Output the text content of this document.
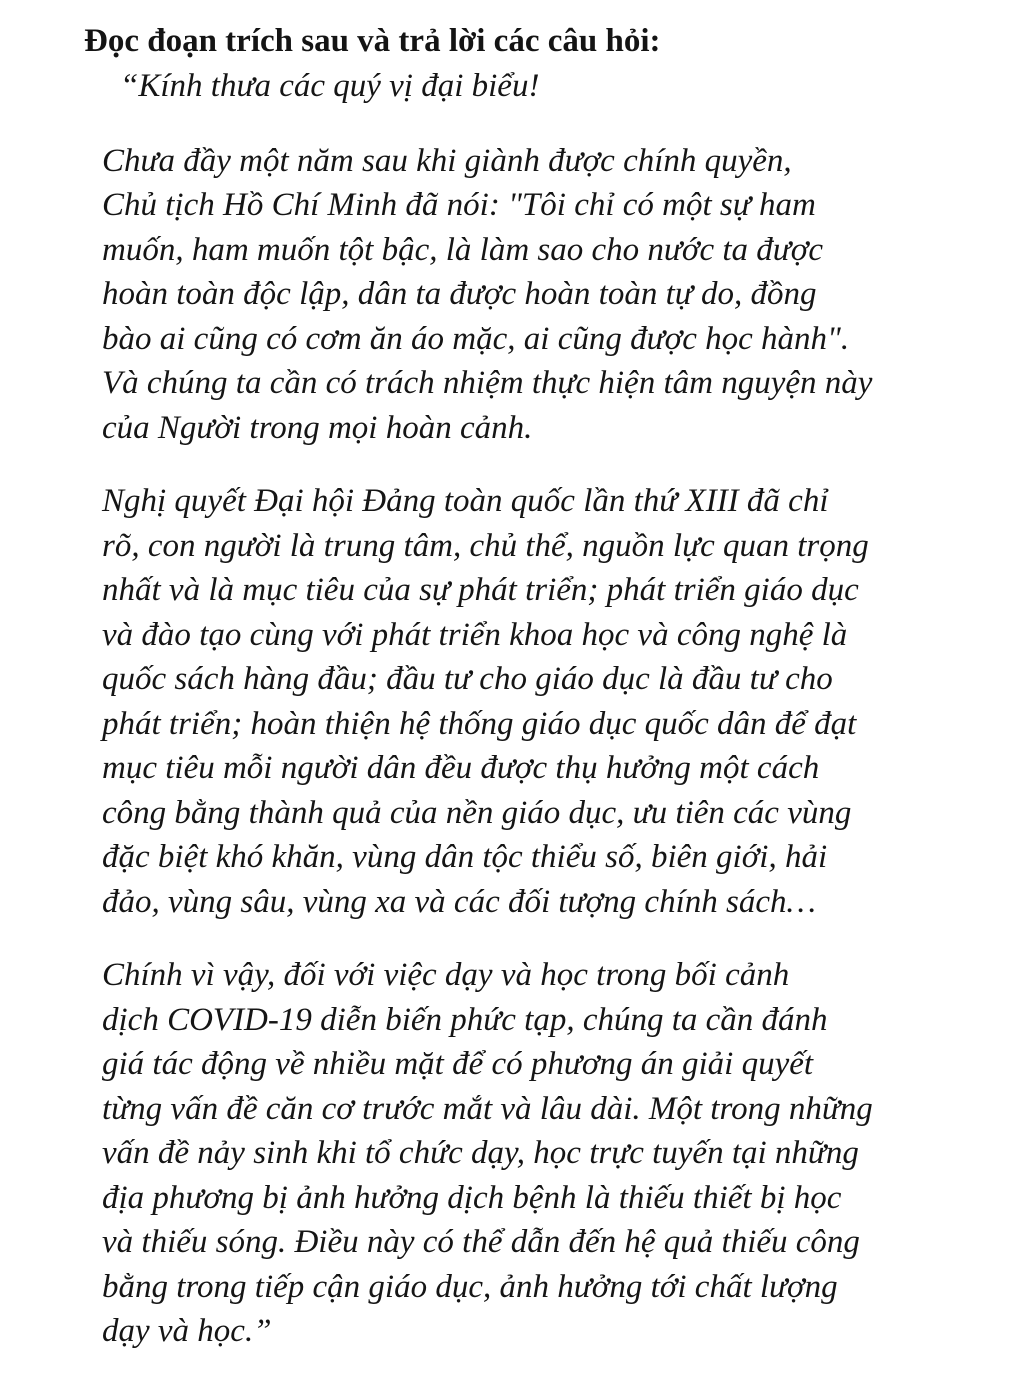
Đọc đoạn trích sau và trả lời các câu hỏi:

“Kính thưa các quý vị đại biểu!

Chưa đầy một năm sau khi giành được chính quyền,
Chủ tịch Hồ Chí Minh đã nói: "Tôi chỉ có một sự ham
muốn, ham muốn tột bậc, là làm sao cho nước ta được
hoàn toàn độc lập, dân ta được hoàn toàn tự do, đồng
bào ai cũng có cơm ăn áo mặc, ai cũng được học hành".
Và chúng ta cần có trách nhiệm thực hiện tâm nguyện này
của Người trong mọi hoàn cảnh.

Nghị quyết Đại hội Đảng toàn quốc lần thứ XIII đã chỉ
rõ, con người là trung tâm, chủ thể, nguồn lực quan trọng
nhất và là mục tiêu của sự phát triển; phát triển giáo dục
và đào tạo cùng với phát triển khoa học và công nghệ là
quốc sách hàng đầu; đầu tư cho giáo dục là đầu tư cho
phát triển; hoàn thiện hệ thống giáo dục quốc dân để đạt
mục tiêu mỗi người dân đều được thụ hưởng một cách
công bằng thành quả của nền giáo dục, ưu tiên các vùng
đặc biệt khó khăn, vùng dân tộc thiểu số, biên giới, hải
đảo, vùng sâu, vùng xa và các đối tượng chính sách…

Chính vì vậy, đối với việc dạy và học trong bối cảnh
dịch COVID-19 diễn biến phức tạp, chúng ta cần đánh
giá tác động về nhiều mặt để có phương án giải quyết
từng vấn đề căn cơ trước mắt và lâu dài. Một trong những
vấn đề nảy sinh khi tổ chức dạy, học trực tuyến tại những
địa phương bị ảnh hưởng dịch bệnh là thiếu thiết bị học
và thiếu sóng. Điều này có thể dẫn đến hệ quả thiếu công
bằng trong tiếp cận giáo dục, ảnh hưởng tới chất lượng
dạy và học.”
